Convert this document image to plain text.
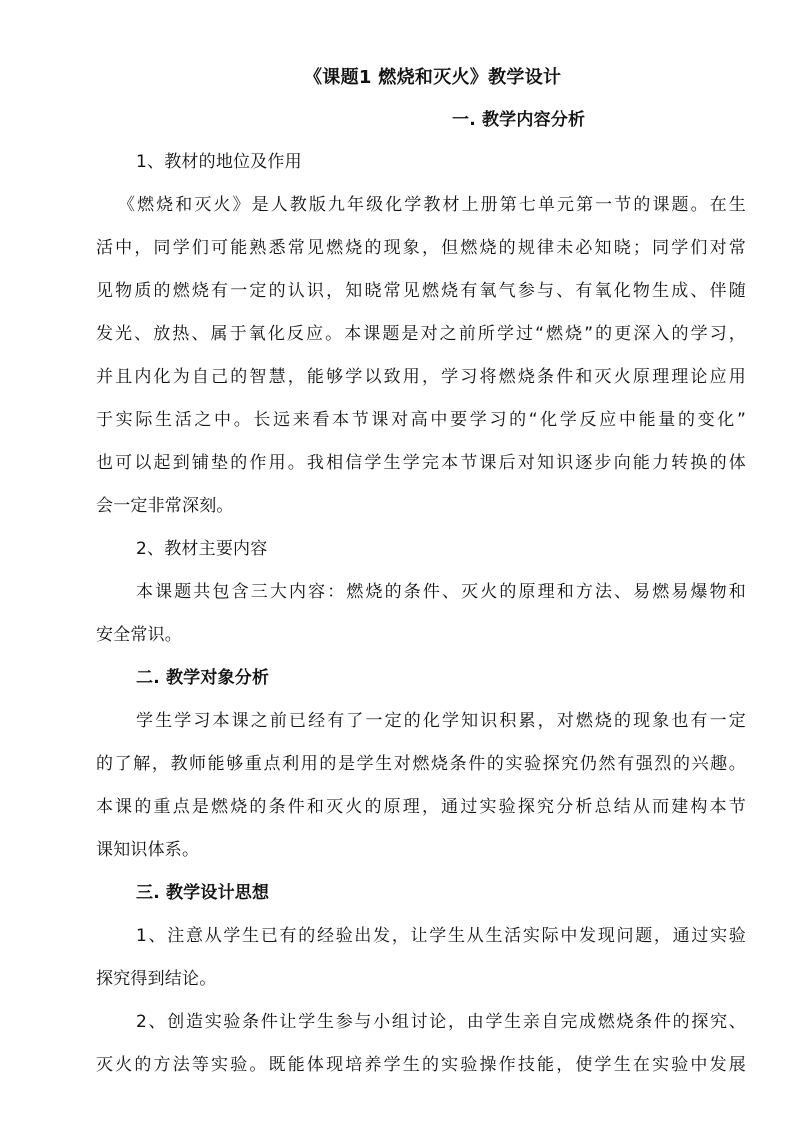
《课题1 燃烧和灭火》教学设计
一. 教学内容分析
1、教材的地位及作用
《燃烧和灭火》是人教版九年级化学教材上册第七单元第一节的课题。在生
活中，同学们可能熟悉常见燃烧的现象，但燃烧的规律未必知晓；同学们对常
见物质的燃烧有一定的认识，知晓常见燃烧有氧气参与、有氧化物生成、伴随
发光、放热、属于氧化反应。本课题是对之前所学过“燃烧”的更深入的学习，
并且内化为自己的智慧，能够学以致用，学习将燃烧条件和灭火原理理论应用
于实际生活之中。长远来看本节课对高中要学习的“化学反应中能量的变化”
也可以起到铺垫的作用。我相信学生学完本节课后对知识逐步向能力转换的体
会一定非常深刻。
2、教材主要内容
本课题共包含三大内容：燃烧的条件、灭火的原理和方法、易燃易爆物和
安全常识。
二. 教学对象分析
学生学习本课之前已经有了一定的化学知识积累，对燃烧的现象也有一定
的了解，教师能够重点利用的是学生对燃烧条件的实验探究仍然有强烈的兴趣。
本课的重点是燃烧的条件和灭火的原理，通过实验探究分析总结从而建构本节
课知识体系。
三. 教学设计思想
1、注意从学生已有的经验出发，让学生从生活实际中发现问题，通过实验
探究得到结论。
2、创造实验条件让学生参与小组讨论，由学生亲自完成燃烧条件的探究、
灭火的方法等实验。既能体现培养学生的实验操作技能，使学生在实验中发展
